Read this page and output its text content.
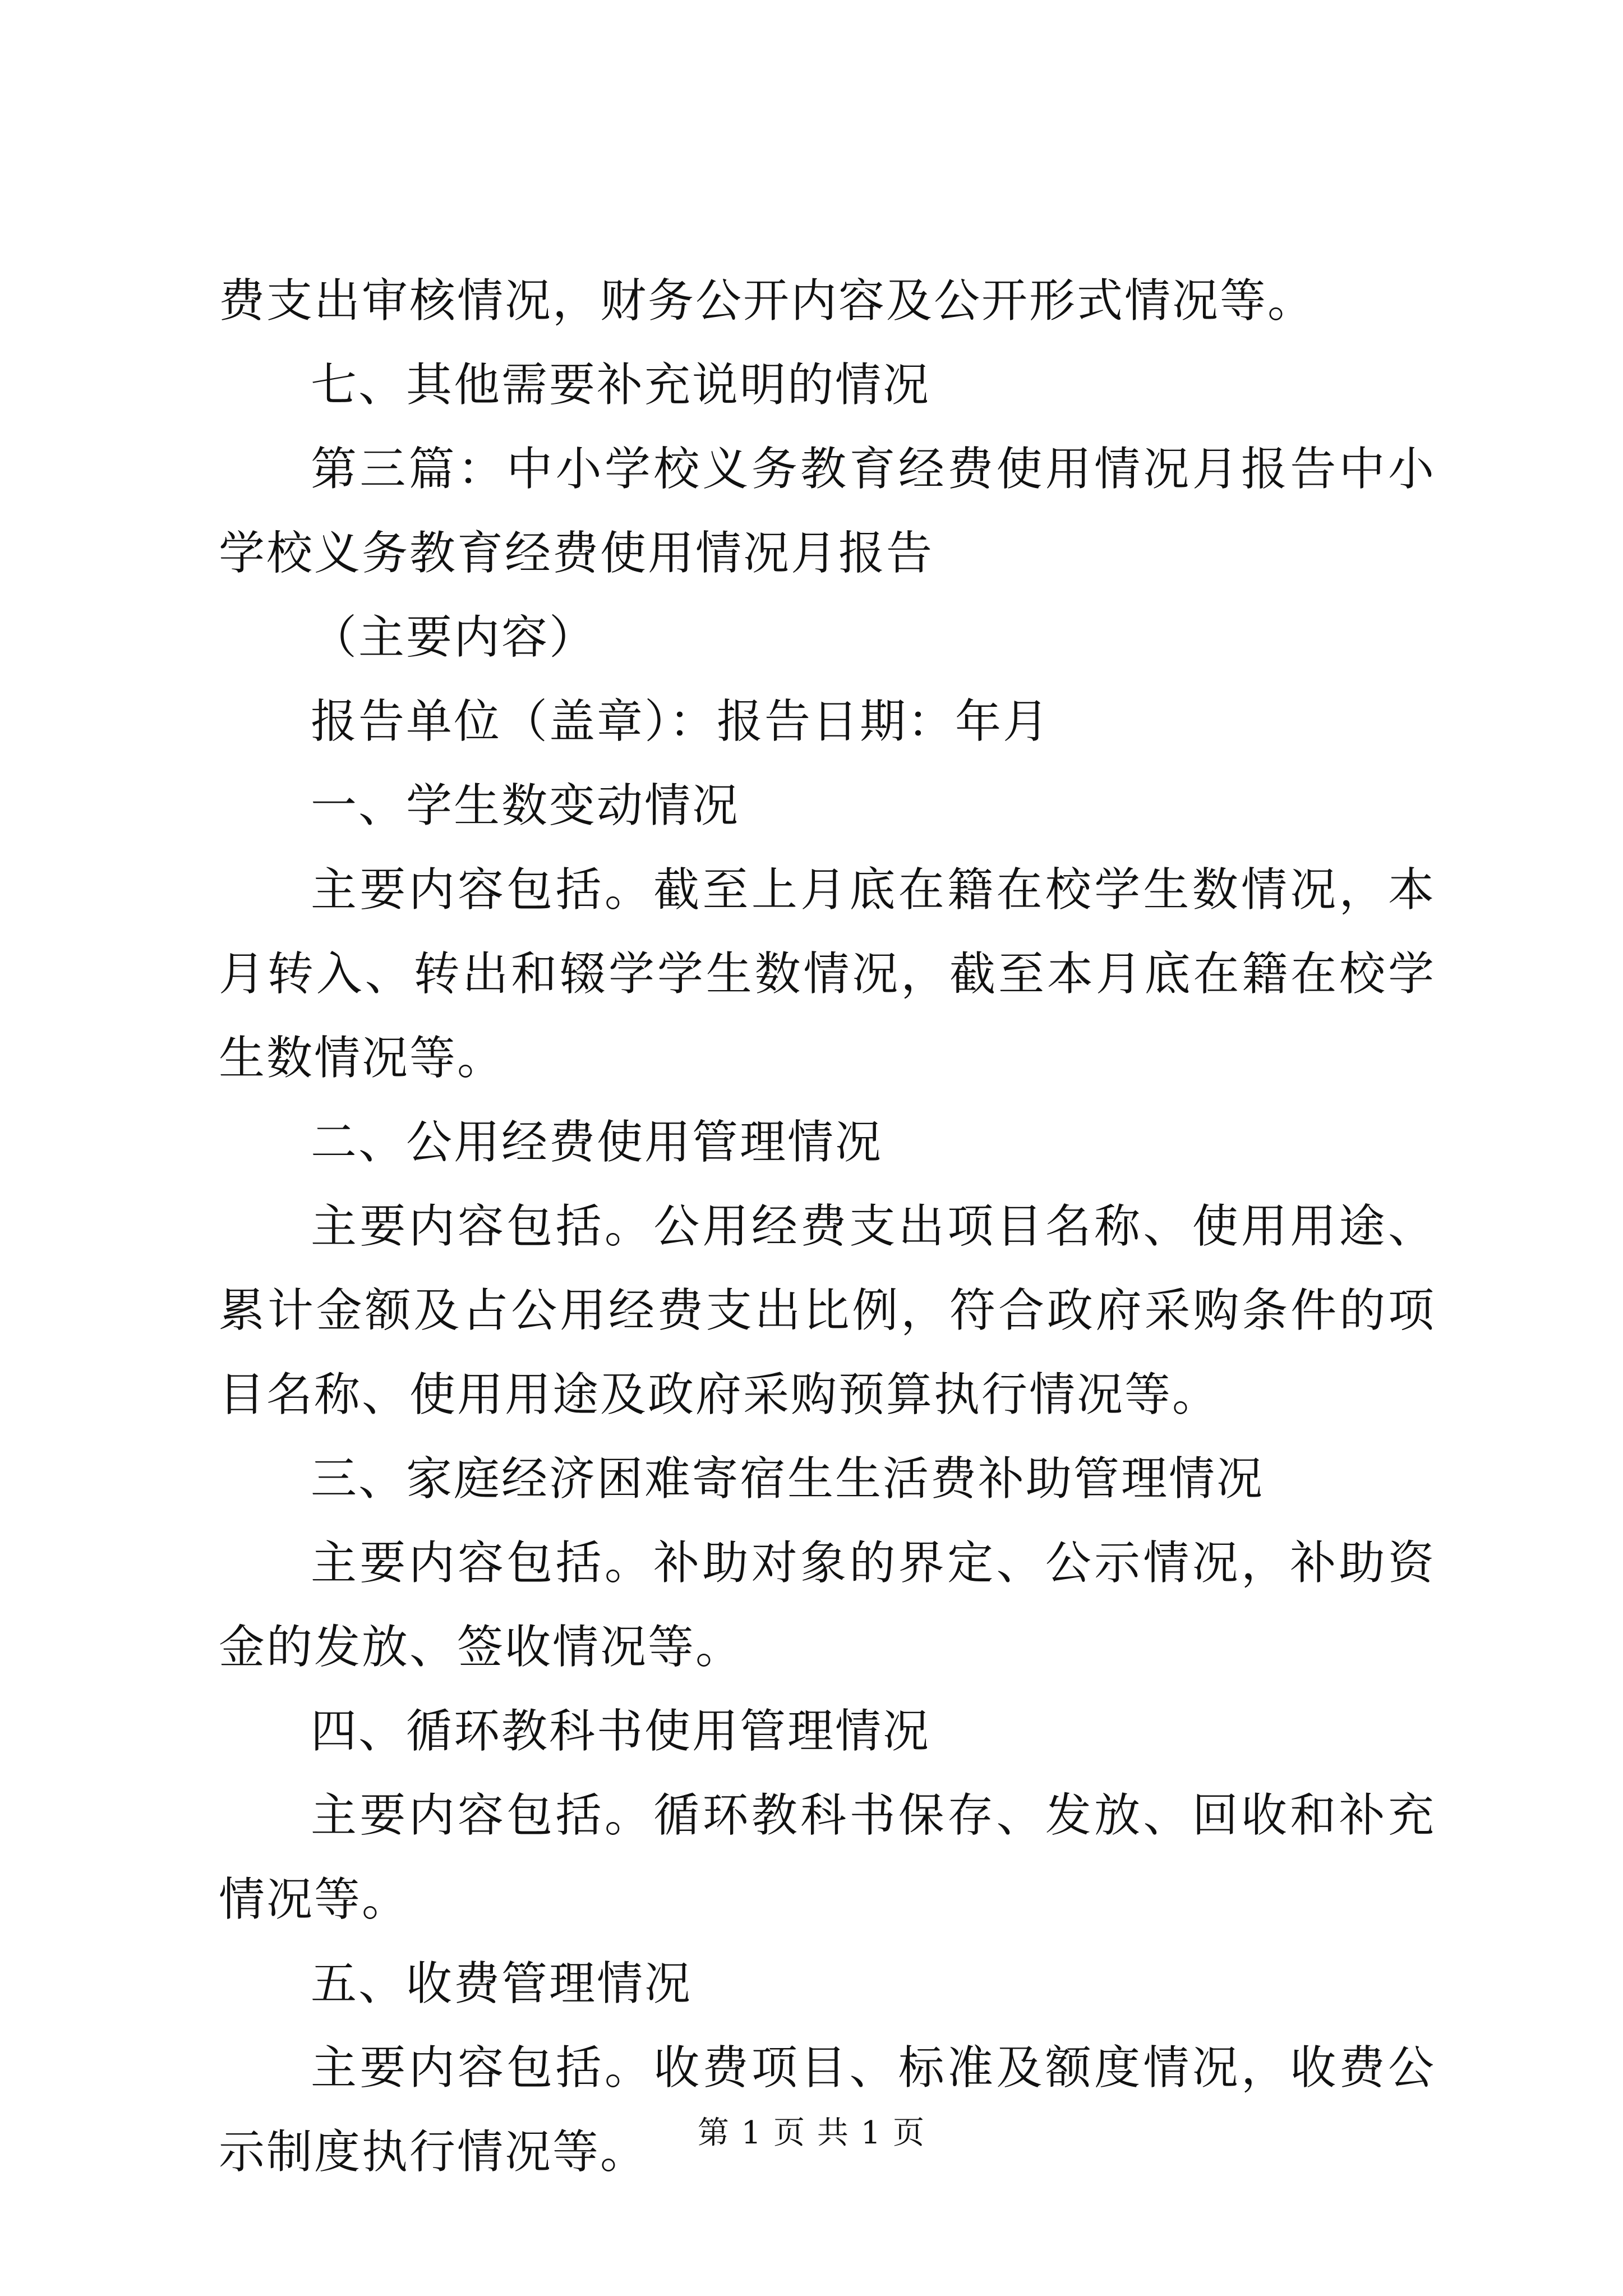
费支出审核情况，财务公开内容及公开形式情况等。

七、其他需要补充说明的情况

第三篇：中小学校义务教育经费使用情况月报告中小学校义务教育经费使用情况月报告

（主要内容）

报告单位（盖章）：报告日期：年月

一、学生数变动情况

主要内容包括。截至上月底在籍在校学生数情况，本月转入、转出和辍学学生数情况，截至本月底在籍在校学生数情况等。

二、公用经费使用管理情况

主要内容包括。公用经费支出项目名称、使用用途、累计金额及占公用经费支出比例，符合政府采购条件的项目名称、使用用途及政府采购预算执行情况等。

三、家庭经济困难寄宿生生活费补助管理情况

主要内容包括。补助对象的界定、公示情况，补助资金的发放、签收情况等。

四、循环教科书使用管理情况

主要内容包括。循环教科书保存、发放、回收和补充情况等。

五、收费管理情况

主要内容包括。收费项目、标准及额度情况，收费公示制度执行情况等。	第 1 页 共 1 页
